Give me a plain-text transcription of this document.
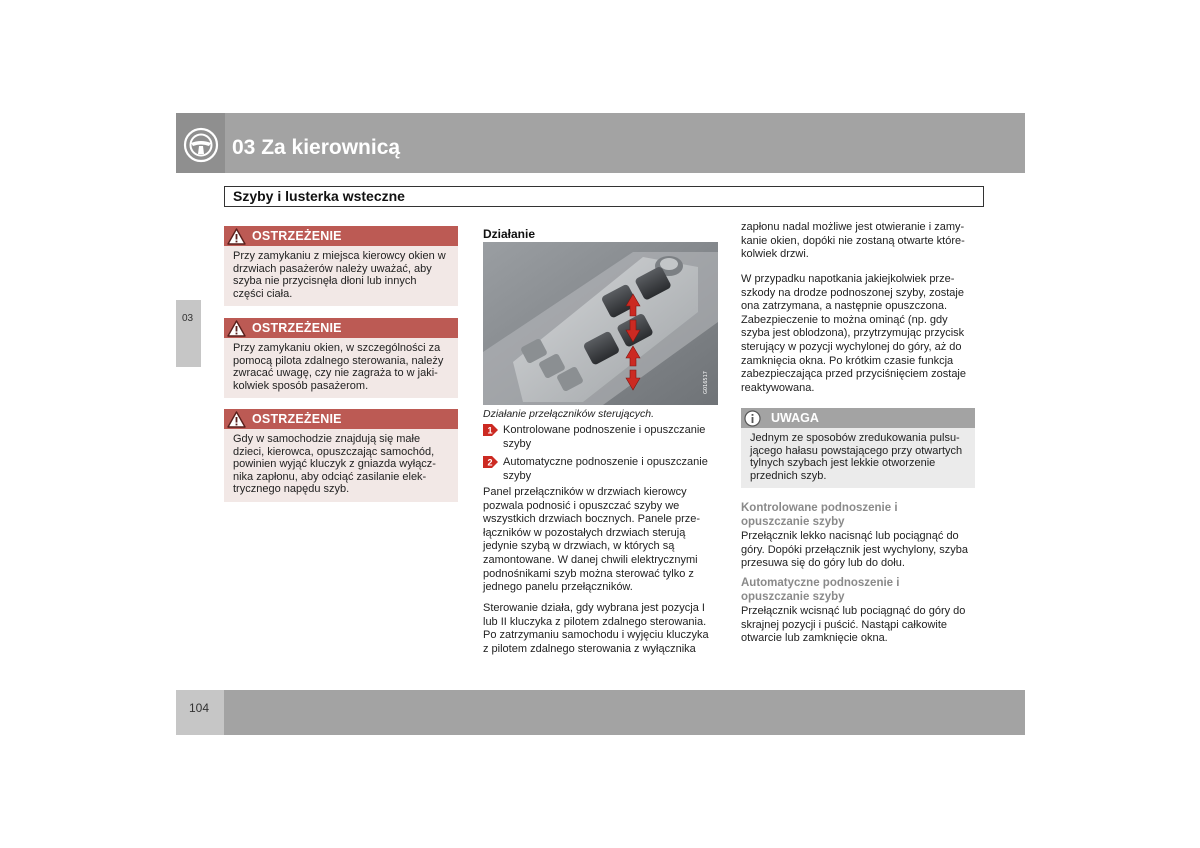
03 Za kierownicą
Szyby i lusterka wsteczne
03
OSTRZEŻENIE
Przy zamykaniu z miejsca kierowcy okien w
drzwiach pasażerów należy uważać, aby
szyba nie przycisnęła dłoni lub innych
części ciała.
OSTRZEŻENIE
Przy zamykaniu okien, w szczególności za
pomocą pilota zdalnego sterowania, należy
zwracać uwagę, czy nie zagraża to w jaki-
kolwiek sposób pasażerom.
OSTRZEŻENIE
Gdy w samochodzie znajdują się małe
dzieci, kierowca, opuszczając samochód,
powinien wyjąć kluczyk z gniazda wyłącz-
nika zapłonu, aby odciąć zasilanie elek-
trycznego napędu szyb.
Działanie
G016517
Działanie przełączników sterujących.
1 Kontrolowane podnoszenie i opuszczanie
szyby
2 Automatyczne podnoszenie i opuszczanie
szyby
Panel przełączników w drzwiach kierowcy
pozwala podnosić i opuszczać szyby we
wszystkich drzwiach bocznych. Panele prze-
łączników w pozostałych drzwiach sterują
jedynie szybą w drzwiach, w których są
zamontowane. W danej chwili elektrycznymi
podnośnikami szyb można sterować tylko z
jednego panelu przełączników.
Sterowanie działa, gdy wybrana jest pozycja I
lub II kluczyka z pilotem zdalnego sterowania.
Po zatrzymaniu samochodu i wyjęciu kluczyka
z pilotem zdalnego sterowania z wyłącznika
zapłonu nadal możliwe jest otwieranie i zamy-
kanie okien, dopóki nie zostaną otwarte które-
kolwiek drzwi.
W przypadku napotkania jakiejkolwiek prze-
szkody na drodze podnoszonej szyby, zostaje
ona zatrzymana, a następnie opuszczona.
Zabezpieczenie to można ominąć (np. gdy
szyba jest oblodzona), przytrzymując przycisk
sterujący w pozycji wychylonej do góry, aż do
zamknięcia okna. Po krótkim czasie funkcja
zabezpieczająca przed przyciśnięciem zostaje
reaktywowana.
UWAGA
Jednym ze sposobów zredukowania pulsu-
jącego hałasu powstającego przy otwartych
tylnych szybach jest lekkie otworzenie
przednich szyb.
Kontrolowane podnoszenie i
opuszczanie szyby
Przełącznik lekko nacisnąć lub pociągnąć do
góry. Dopóki przełącznik jest wychylony, szyba
przesuwa się do góry lub do dołu.
Automatyczne podnoszenie i
opuszczanie szyby
Przełącznik wcisnąć lub pociągnąć do góry do
skrajnej pozycji i puścić. Nastąpi całkowite
otwarcie lub zamknięcie okna.
104
